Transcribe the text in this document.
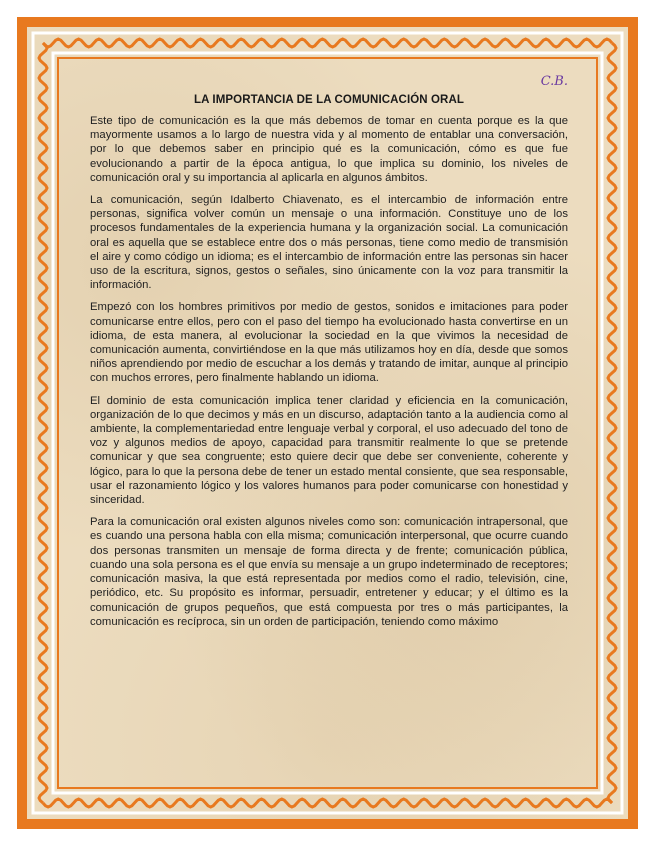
C.B.
LA IMPORTANCIA DE LA COMUNICACIÓN ORAL

Este tipo de comunicación es la que más debemos de tomar en cuenta porque es la que mayormente usamos a lo largo de nuestra vida y al momento de entablar una conversación, por lo que debemos saber en principio qué es la comunicación, cómo es que fue evolucionando a partir de la época antigua, lo que implica su dominio, los niveles de comunicación oral y su importancia al aplicarla en algunos ámbitos.

La comunicación, según Idalberto Chiavenato, es el intercambio de información entre personas, significa volver común un mensaje o una información. Constituye uno de los procesos fundamentales de la experiencia humana y la organización social. La comunicación oral es aquella que se establece entre dos o más personas, tiene como medio de transmisión el aire y como código un idioma; es el intercambio de información entre las personas sin hacer uso de la escritura, signos, gestos o señales, sino únicamente con la voz para transmitir la información.

Empezó con los hombres primitivos por medio de gestos, sonidos e imitaciones para poder comunicarse entre ellos, pero con el paso del tiempo ha evolucionado hasta convertirse en un idioma, de esta manera, al evolucionar la sociedad en la que vivimos la necesidad de comunicación aumenta, convirtiéndose en la que más utilizamos hoy en día, desde que somos niños aprendiendo por medio de escuchar a los demás y tratando de imitar, aunque al principio con muchos errores, pero finalmente hablando un idioma.

El dominio de esta comunicación implica tener claridad y eficiencia en la comunicación, organización de lo que decimos y más en un discurso, adaptación tanto a la audiencia como al ambiente, la complementariedad entre lenguaje verbal y corporal, el uso adecuado del tono de voz y algunos medios de apoyo, capacidad para transmitir realmente lo que se pretende comunicar y que sea congruente; esto quiere decir que debe ser conveniente, coherente y lógico, para lo que la persona debe de tener un estado mental consiente, que sea responsable, usar el razonamiento lógico y los valores humanos para poder comunicarse con honestidad y sinceridad.

Para la comunicación oral existen algunos niveles como son: comunicación intrapersonal, que es cuando una persona habla con ella misma; comunicación interpersonal, que ocurre cuando dos personas transmiten un mensaje de forma directa y de frente; comunicación pública, cuando una sola persona es el que envía su mensaje a un grupo indeterminado de receptores; comunicación masiva, la que está representada por medios como el radio, televisión, cine, periódico, etc. Su propósito es informar, persuadir, entretener y educar; y el último es la comunicación de grupos pequeños, que está compuesta por tres o más participantes, la comunicación es recíproca, sin un orden de participación, teniendo como máximo
